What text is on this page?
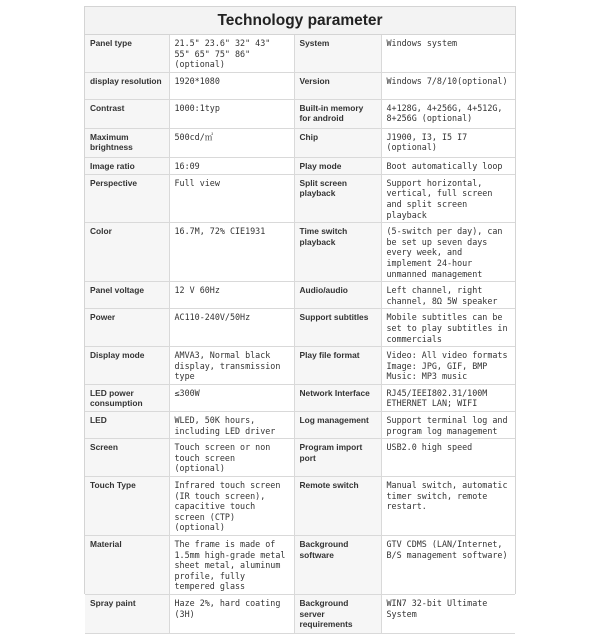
Technology parameter
Panel type	21.5" 23.6" 32" 43" 55" 65" 75" 86"(optional)	System	Windows system
display resolution	1920*1080	Version	Windows 7/8/10(optional)
Contrast	1000:1typ	Built-in memory for android	4+128G, 4+256G, 4+512G, 8+256G (optional)
Maximum brightness	500cd/㎡	Chip	J1900, I3, I5 I7 (optional)
Image ratio	16:09	Play mode	Boot automatically loop
Perspective	Full view	Split screen playback	Support horizontal, vertical, full screen and split screen playback
Color	16.7M, 72% CIE1931	Time switch playback	(5-switch per day), can be set up seven days every week, and implement 24-hour unmanned management
Panel voltage	12 V 60Hz	Audio/audio	Left channel, right channel, 8Ω 5W speaker
Power	AC110-240V/50Hz	Support subtitles	Mobile subtitles can be set to play subtitles in commercials
Display mode	AMVA3, Normal black display, transmission type	Play file format	Video: All video formats Image: JPG, GIF, BMP Music: MP3 music
LED power consumption	≤300W	Network Interface	RJ45/IEEI802.31/100M ETHERNET LAN; WIFI
LED	WLED, 50K hours, including LED driver	Log management	Support terminal log and program log management
Screen	Touch screen or non touch screen (optional)	Program import port	USB2.0 high speed
Touch Type	Infrared touch screen (IR touch screen), capacitive touch screen (CTP) (optional)	Remote switch	Manual switch, automatic timer switch, remote restart.
Material	The frame is made of 1.5mm high-grade metal sheet metal, aluminum profile, fully tempered glass	Background software	GTV CDMS (LAN/Internet, B/S management software)
Spray paint	Haze 2%, hard coating (3H)	Background server requirements	WIN7 32-bit Ultimate System
